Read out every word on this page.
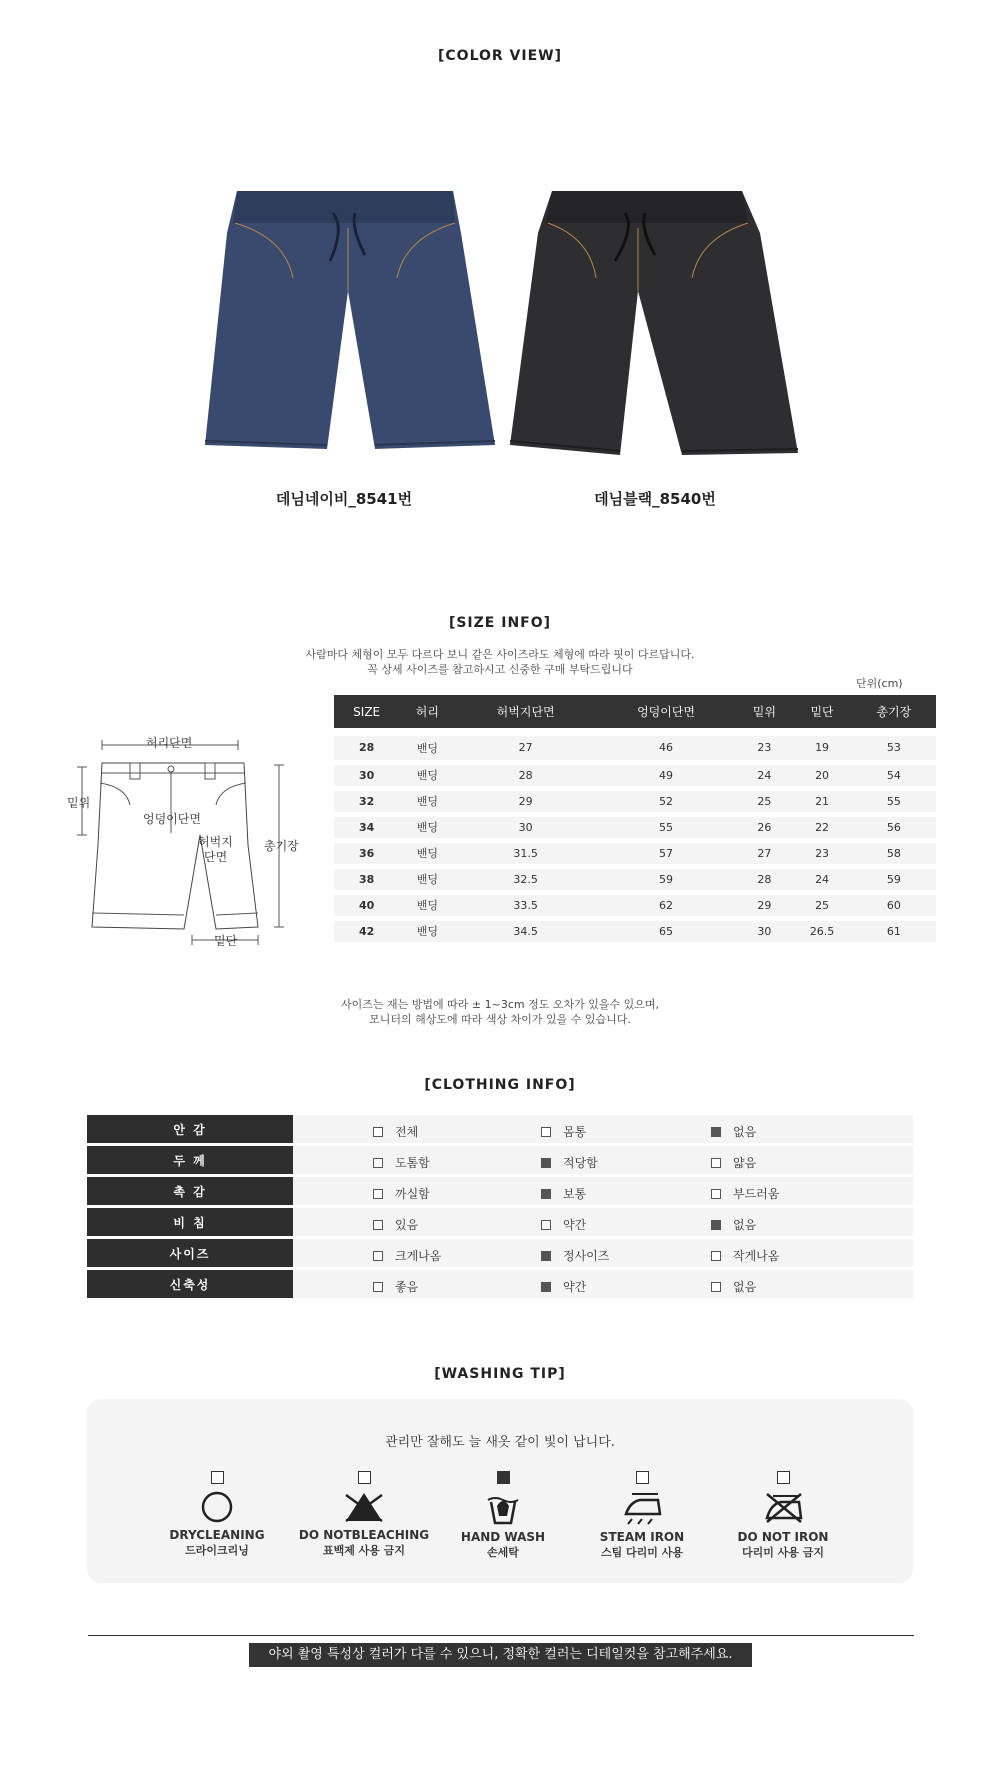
[COLOR VIEW]
데님네이비_8541번	데님블랙_8540번
[SIZE INFO]
사람마다 체형이 모두 다르다 보니 같은 사이즈라도 체형에 따라 핏이 다르답니다.
꼭 상세 사이즈를 참고하시고 신중한 구매 부탁드립니다
단위(cm)
SIZE	허리	허벅지단면	엉덩이단면	밑위	밑단	총기장

28	밴딩	27	46	23	19	53
30	밴딩	28	49	24	20	54
32	밴딩	29	52	25	21	55
34	밴딩	30	55	26	22	56
36	밴딩	31.5	57	27	23	58
38	밴딩	32.5	59	28	24	59
40	밴딩	33.5	62	29	25	60
42	밴딩	34.5	65	30	26.5	61
허리단면
밑위
엉덩이단면
허벅지
단면
총기장
밑단
사이즈는 재는 방법에 따라 ± 1~3cm 정도 오차가 있을수 있으며,
모니터의 해상도에 따라 색상 차이가 있을 수 있습니다.
[CLOTHING INFO]
안 감	전체 몸통 없음

두 께	도톰함 적당함 얇음

촉 감	까실함 보통 부드러움

비 침	있음 약간 없음

사이즈	크게나옴 정사이즈 작게나옴

신축성	좋음 약간 없음
[WASHING TIP]
관리만 잘해도 늘 새옷 같이 빛이 납니다.
DRYCLEANING
드라이크리닝
DO NOTBLEACHING
표백제 사용 금지
HAND WASH
손세탁
STEAM IRON
스팀 다리미 사용
DO NOT IRON
다리미 사용 금지
야외 촬영 특성상 컬러가 다를 수 있으니, 정확한 컬러는 디테일컷을 참고해주세요.
